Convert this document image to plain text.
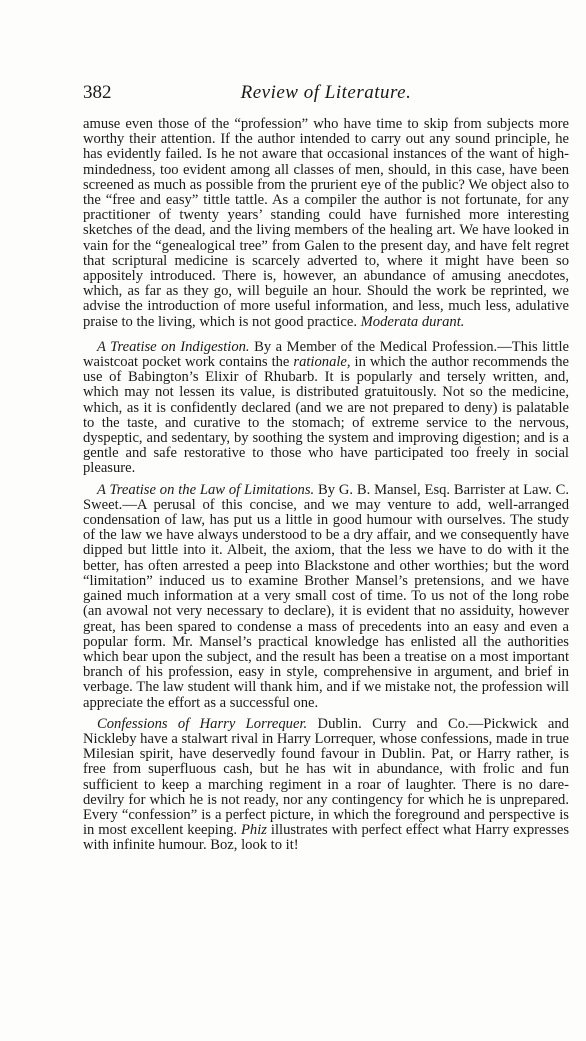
382	Review of Literature.

amuse even those of the “profession” who have time to skip from subjects more worthy their attention. If the author intended to carry out any sound principle, he has evidently failed. Is he not aware that occasional instances of the want of high-mindedness, too evident among all classes of men, should, in this case, have been screened as much as possible from the prurient eye of the public? We object also to the “free and easy” tittle tattle. As a compiler the author is not fortunate, for any practitioner of twenty years’ standing could have furnished more interesting sketches of the dead, and the living members of the healing art. We have looked in vain for the “genealogical tree” from Galen to the present day, and have felt regret that scriptural medicine is scarcely adverted to, where it might have been so appositely introduced. There is, however, an abundance of amusing anecdotes, which, as far as they go, will beguile an hour. Should the work be reprinted, we advise the introduction of more useful information, and less, much less, adulative praise to the living, which is not good practice. Moderata durant.

A Treatise on Indigestion. By a Member of the Medical Profession.—This little waistcoat pocket work contains the rationale, in which the author recommends the use of Babington’s Elixir of Rhubarb. It is popularly and tersely written, and, which may not lessen its value, is distributed gratuitously. Not so the medicine, which, as it is confidently declared (and we are not prepared to deny) is palatable to the taste, and curative to the stomach; of extreme service to the nervous, dyspeptic, and sedentary, by soothing the system and improving digestion; and is a gentle and safe restorative to those who have participated too freely in social pleasure.

A Treatise on the Law of Limitations. By G. B. Mansel, Esq. Barrister at Law. C. Sweet.—A perusal of this concise, and we may venture to add, well-arranged condensation of law, has put us a little in good humour with ourselves. The study of the law we have always understood to be a dry affair, and we consequently have dipped but little into it. Albeit, the axiom, that the less we have to do with it the better, has often arrested a peep into Blackstone and other worthies; but the word “limitation” induced us to examine Brother Mansel’s pretensions, and we have gained much information at a very small cost of time. To us not of the long robe (an avowal not very necessary to declare), it is evident that no assiduity, however great, has been spared to condense a mass of precedents into an easy and even a popular form. Mr. Mansel’s practical knowledge has enlisted all the authorities which bear upon the subject, and the result has been a treatise on a most important branch of his profession, easy in style, comprehensive in argument, and brief in verbage. The law student will thank him, and if we mistake not, the profession will appreciate the effort as a successful one.

Confessions of Harry Lorrequer. Dublin. Curry and Co.—Pickwick and Nickleby have a stalwart rival in Harry Lorrequer, whose confessions, made in true Milesian spirit, have deservedly found favour in Dublin. Pat, or Harry rather, is free from superfluous cash, but he has wit in abundance, with frolic and fun sufficient to keep a marching regiment in a roar of laughter. There is no dare-devilry for which he is not ready, nor any contingency for which he is unprepared. Every “confession” is a perfect picture, in which the foreground and perspective is in most excellent keeping. Phiz illustrates with perfect effect what Harry expresses with infinite humour. Boz, look to it!
